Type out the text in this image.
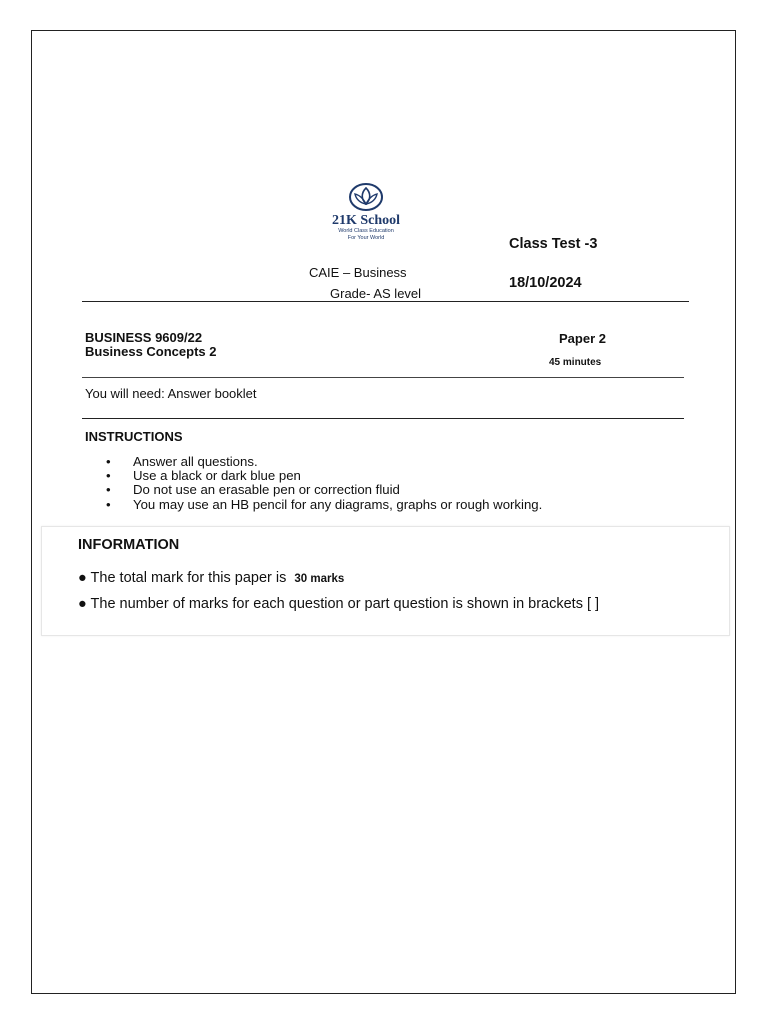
21K School
World Class Education
For Your World	Class Test -3
CAIE – Business
18/10/2024
Grade- AS level
BUSINESS 9609/22
Business Concepts 2
Paper 2
45 minutes
You will need: Answer booklet
INSTRUCTIONS
• Answer all questions.
• Use a black or dark blue pen
• Do not use an erasable pen or correction fluid
• You may use an HB pencil for any diagrams, graphs or rough working.
INFORMATION
● The total mark for this paper is 30 marks
● The number of marks for each question or part question is shown in brackets [ ]
